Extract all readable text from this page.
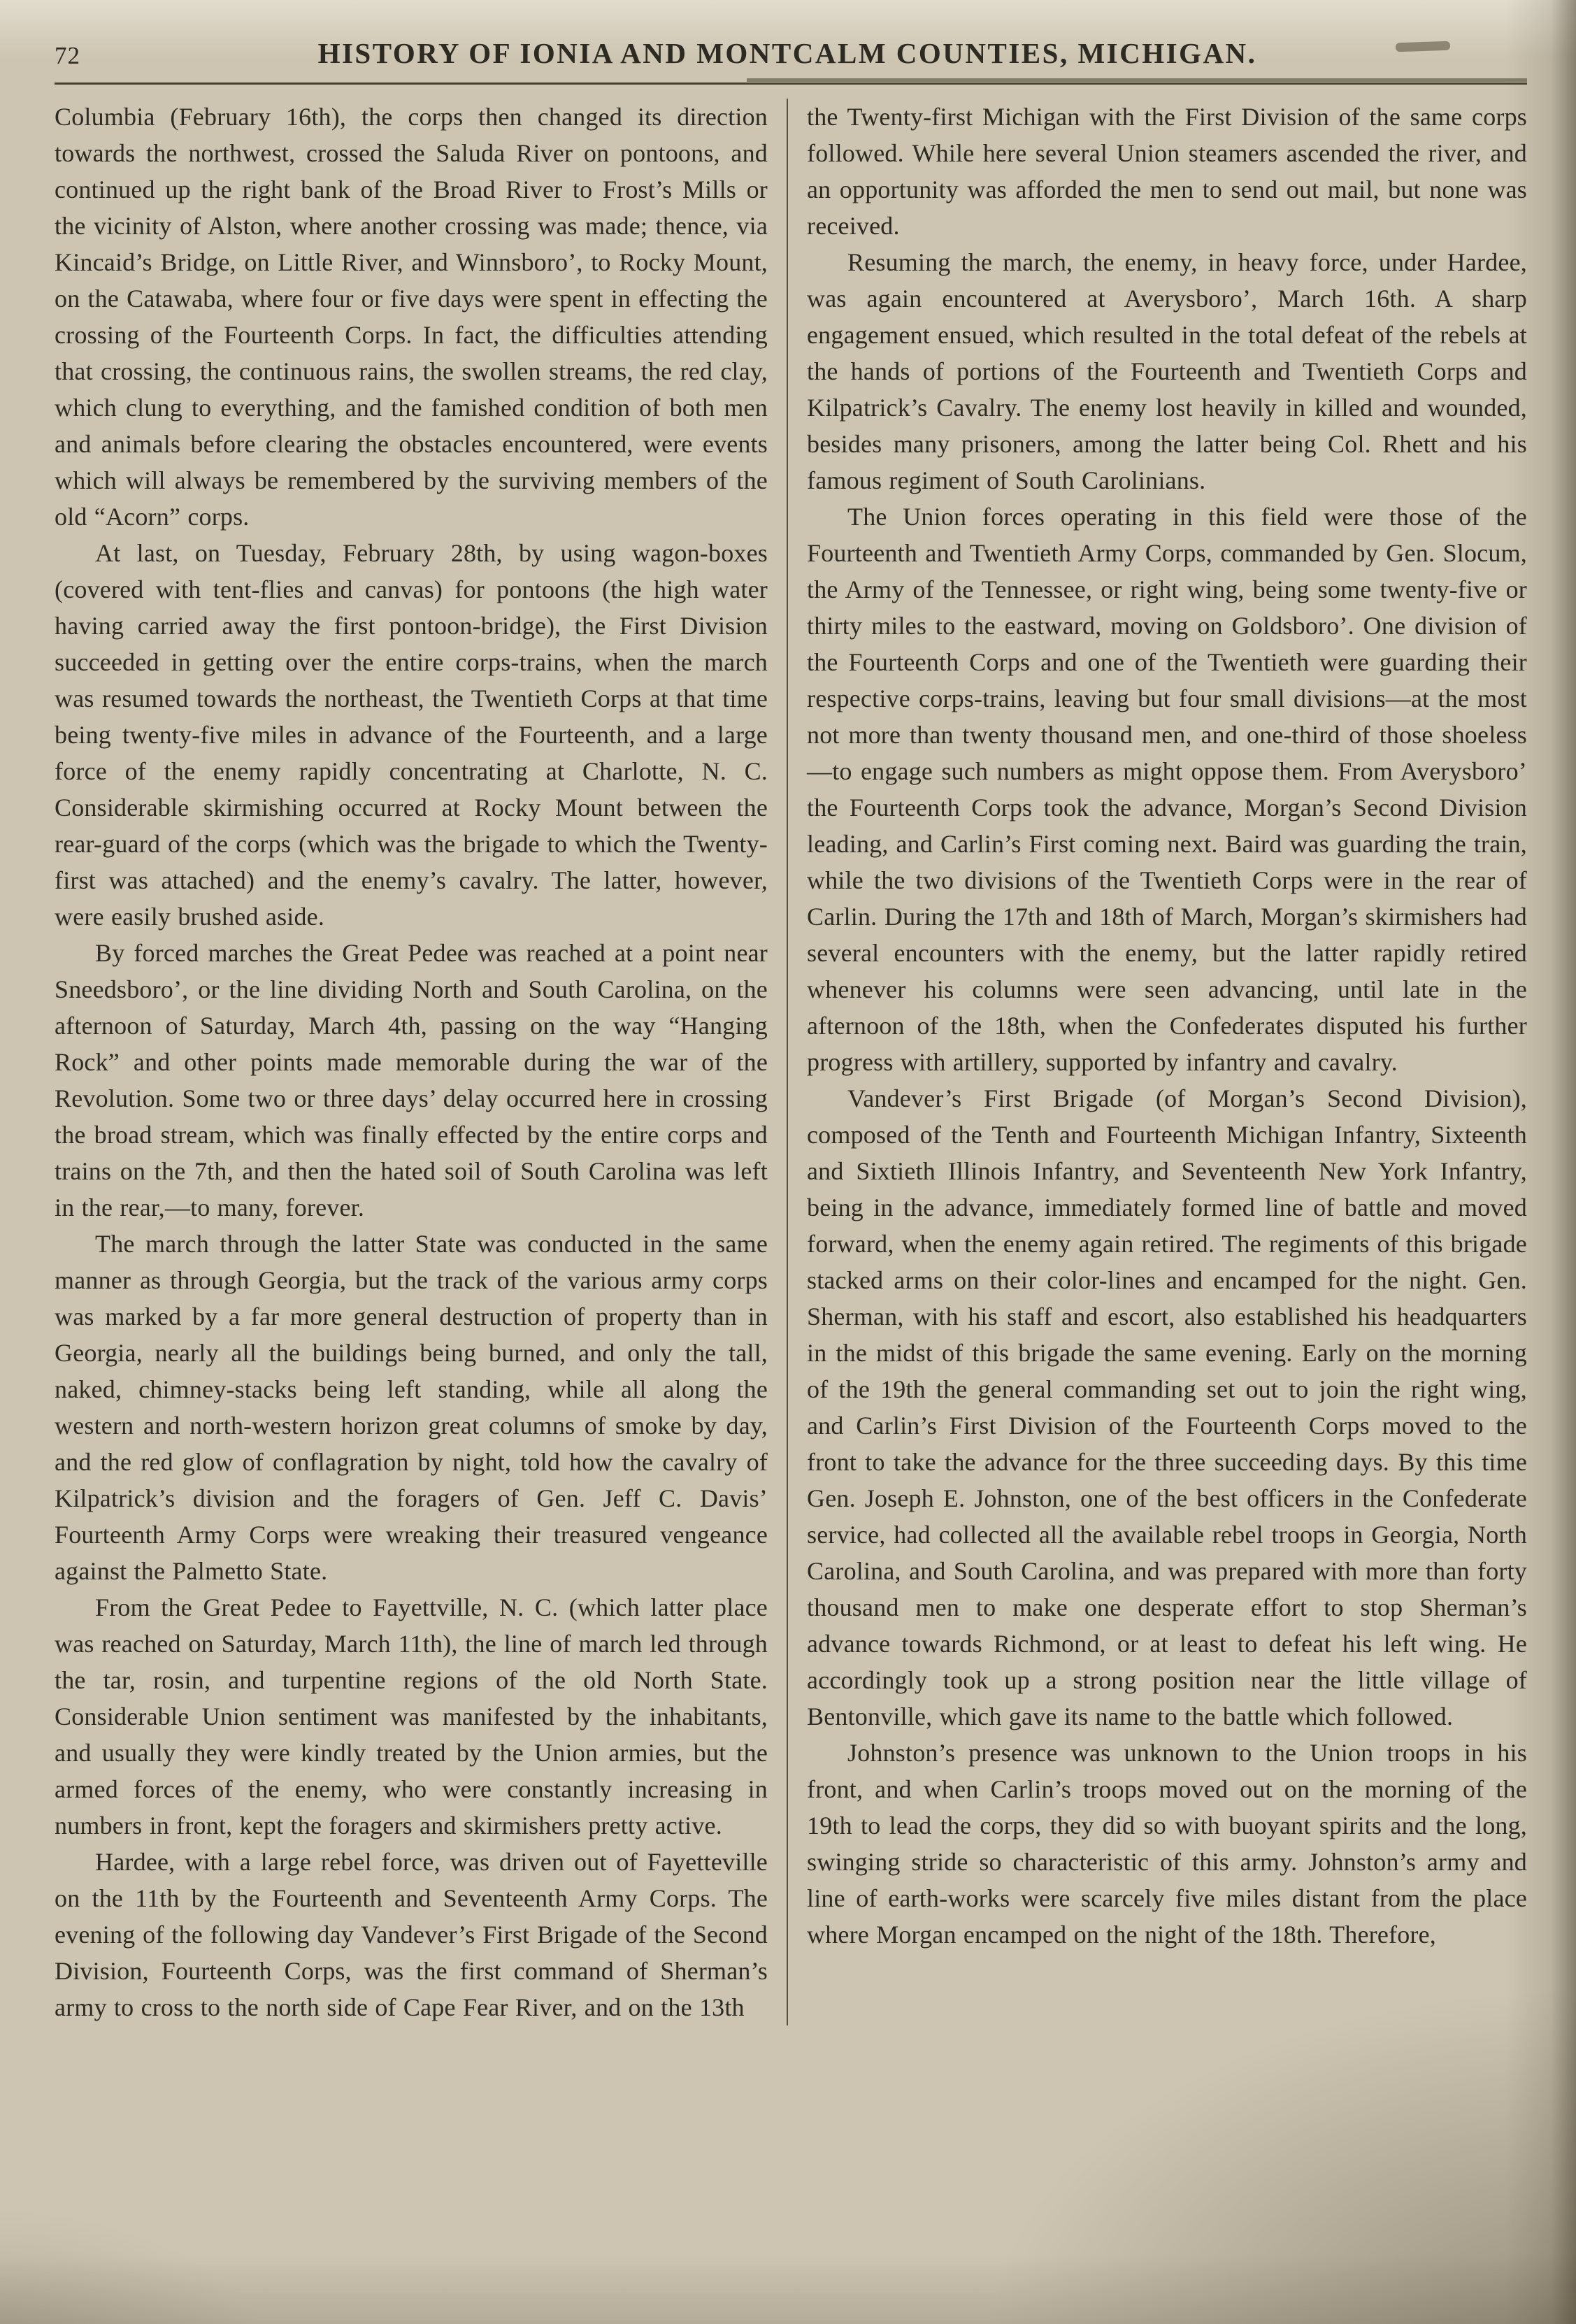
72	HISTORY OF IONIA AND MONTCALM COUNTIES, MICHIGAN.

Columbia (February 16th), the corps then changed its direction towards the northwest, crossed the Saluda River on pontoons, and continued up the right bank of the Broad River to Frost’s Mills or the vicinity of Alston, where another crossing was made; thence, via Kincaid’s Bridge, on Little River, and Winnsboro’, to Rocky Mount, on the Catawaba, where four or five days were spent in effecting the crossing of the Fourteenth Corps. In fact, the difficulties attending that crossing, the continuous rains, the swollen streams, the red clay, which clung to everything, and the famished condition of both men and animals before clearing the obstacles encountered, were events which will always be remembered by the surviving members of the old “Acorn” corps.

At last, on Tuesday, February 28th, by using wagon-boxes (covered with tent-flies and canvas) for pontoons (the high water having carried away the first pontoon-bridge), the First Division succeeded in getting over the entire corps-trains, when the march was resumed towards the northeast, the Twentieth Corps at that time being twenty-five miles in advance of the Fourteenth, and a large force of the enemy rapidly concentrating at Charlotte, N. C. Considerable skirmishing occurred at Rocky Mount between the rear-guard of the corps (which was the brigade to which the Twenty-first was attached) and the enemy’s cavalry. The latter, however, were easily brushed aside.

By forced marches the Great Pedee was reached at a point near Sneedsboro’, or the line dividing North and South Carolina, on the afternoon of Saturday, March 4th, passing on the way “Hanging Rock” and other points made memorable during the war of the Revolution. Some two or three days’ delay occurred here in crossing the broad stream, which was finally effected by the entire corps and trains on the 7th, and then the hated soil of South Carolina was left in the rear,—to many, forever.

The march through the latter State was conducted in the same manner as through Georgia, but the track of the various army corps was marked by a far more general destruction of property than in Georgia, nearly all the buildings being burned, and only the tall, naked, chimney-stacks being left standing, while all along the western and north-western horizon great columns of smoke by day, and the red glow of conflagration by night, told how the cavalry of Kilpatrick’s division and the foragers of Gen. Jeff C. Davis’ Fourteenth Army Corps were wreaking their treasured vengeance against the Palmetto State.

From the Great Pedee to Fayettville, N. C. (which latter place was reached on Saturday, March 11th), the line of march led through the tar, rosin, and turpentine regions of the old North State. Considerable Union sentiment was manifested by the inhabitants, and usually they were kindly treated by the Union armies, but the armed forces of the enemy, who were constantly increasing in numbers in front, kept the foragers and skirmishers pretty active.

Hardee, with a large rebel force, was driven out of Fayetteville on the 11th by the Fourteenth and Seventeenth Army Corps. The evening of the following day Vandever’s First Brigade of the Second Division, Fourteenth Corps, was the first command of Sherman’s army to cross to the north side of Cape Fear River, and on the 13th

the Twenty-first Michigan with the First Division of the same corps followed. While here several Union steamers ascended the river, and an opportunity was afforded the men to send out mail, but none was received.

Resuming the march, the enemy, in heavy force, under Hardee, was again encountered at Averysboro’, March 16th. A sharp engagement ensued, which resulted in the total defeat of the rebels at the hands of portions of the Fourteenth and Twentieth Corps and Kilpatrick’s Cavalry. The enemy lost heavily in killed and wounded, besides many prisoners, among the latter being Col. Rhett and his famous regiment of South Carolinians.

The Union forces operating in this field were those of the Fourteenth and Twentieth Army Corps, commanded by Gen. Slocum, the Army of the Tennessee, or right wing, being some twenty-five or thirty miles to the eastward, moving on Goldsboro’. One division of the Fourteenth Corps and one of the Twentieth were guarding their respective corps-trains, leaving but four small divisions—at the most not more than twenty thousand men, and one-third of those shoeless—to engage such numbers as might oppose them. From Averysboro’ the Fourteenth Corps took the advance, Morgan’s Second Division leading, and Carlin’s First coming next. Baird was guarding the train, while the two divisions of the Twentieth Corps were in the rear of Carlin. During the 17th and 18th of March, Morgan’s skirmishers had several encounters with the enemy, but the latter rapidly retired whenever his columns were seen advancing, until late in the afternoon of the 18th, when the Confederates disputed his further progress with artillery, supported by infantry and cavalry.

Vandever’s First Brigade (of Morgan’s Second Division), composed of the Tenth and Fourteenth Michigan Infantry, Sixteenth and Sixtieth Illinois Infantry, and Seventeenth New York Infantry, being in the advance, immediately formed line of battle and moved forward, when the enemy again retired. The regiments of this brigade stacked arms on their color-lines and encamped for the night. Gen. Sherman, with his staff and escort, also established his headquarters in the midst of this brigade the same evening. Early on the morning of the 19th the general commanding set out to join the right wing, and Carlin’s First Division of the Fourteenth Corps moved to the front to take the advance for the three succeeding days. By this time Gen. Joseph E. Johnston, one of the best officers in the Confederate service, had collected all the available rebel troops in Georgia, North Carolina, and South Carolina, and was prepared with more than forty thousand men to make one desperate effort to stop Sherman’s advance towards Richmond, or at least to defeat his left wing. He accordingly took up a strong position near the little village of Bentonville, which gave its name to the battle which followed.

Johnston’s presence was unknown to the Union troops in his front, and when Carlin’s troops moved out on the morning of the 19th to lead the corps, they did so with buoyant spirits and the long, swinging stride so characteristic of this army. Johnston’s army and line of earth-works were scarcely five miles distant from the place where Morgan encamped on the night of the 18th. Therefore,
